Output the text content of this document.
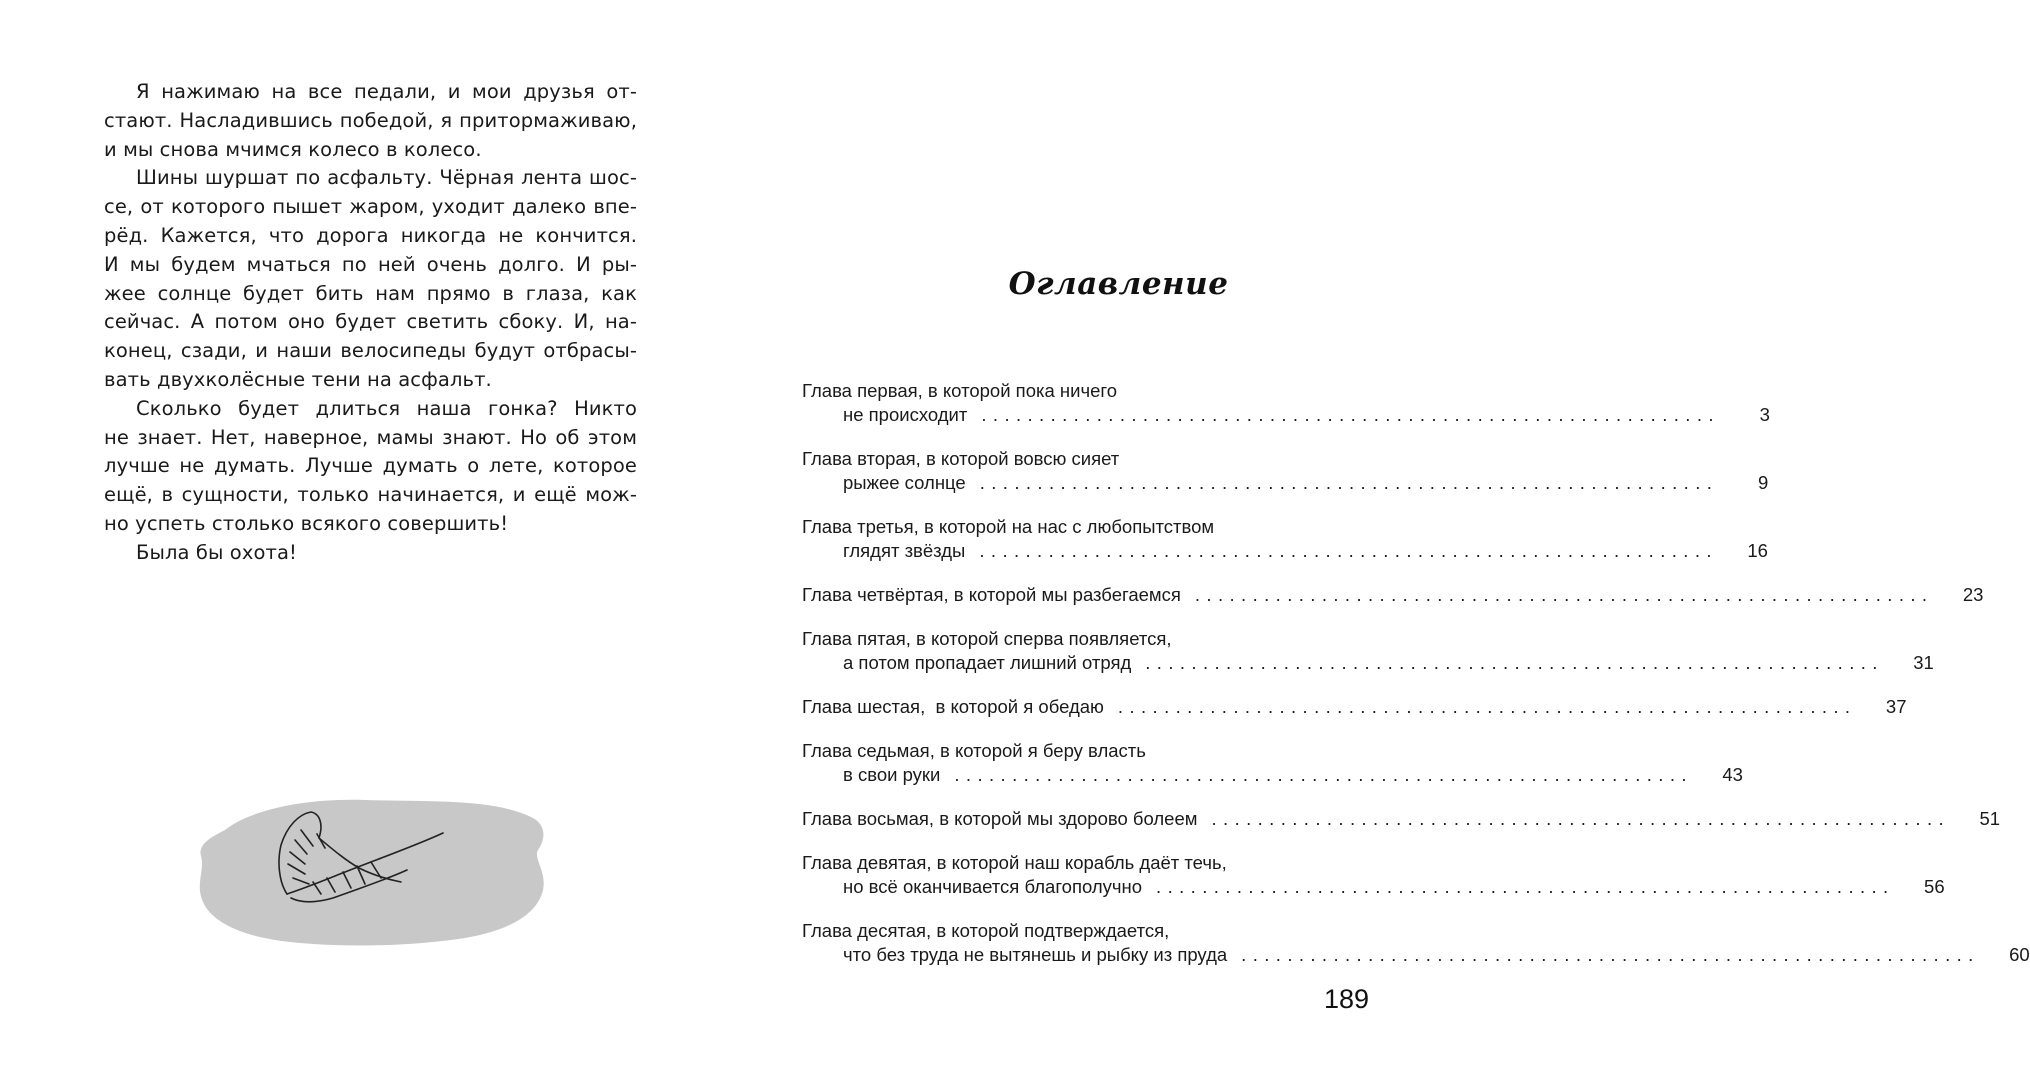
Я нажимаю на все педали, и мои друзья от-
стают. Насладившись победой, я притормаживаю,
и мы снова мчимся колесо в колесо.
Шины шуршат по асфальту. Чёрная лента шос-
се, от которого пышет жаром, уходит далеко впе-
рёд. Кажется, что дорога никогда не кончится.
И мы будем мчаться по ней очень долго. И ры-
жее солнце будет бить нам прямо в глаза, как
сейчас. А потом оно будет светить сбоку. И, на-
конец, сзади, и наши велосипеды будут отбрасы-
вать двухколёсные тени на асфальт.
Сколько будет длиться наша гонка? Никто
не знает. Нет, наверное, мамы знают. Но об этом
лучше не думать. Лучше думать о лете, которое
ещё, в сущности, только начинается, и ещё мож-
но успеть столько всякого совершить!
Была бы охота!
Оглавление
Глава первая, в которой пока ничего
не происходит ................................................................	3
Глава вторая, в которой вовсю сияет
рыжее солнце ................................................................	9
Глава третья, в которой на нас с любопытством
глядят звёзды ................................................................	16
Глава четвёртая, в которой мы разбегаемся ................................................................	23
Глава пятая, в которой сперва появляется,
а потом пропадает лишний отряд ................................................................	31
Глава шестая,  в которой я обедаю ................................................................	37
Глава седьмая, в которой я беру власть
в свои руки ................................................................	43
Глава восьмая, в которой мы здорово болеем ................................................................	51
Глава девятая, в которой наш корабль даёт течь,
но всё оканчивается благополучно ................................................................	56
Глава десятая, в которой подтверждается,
что без труда не вытянешь и рыбку из пруда ................................................................	60
189
